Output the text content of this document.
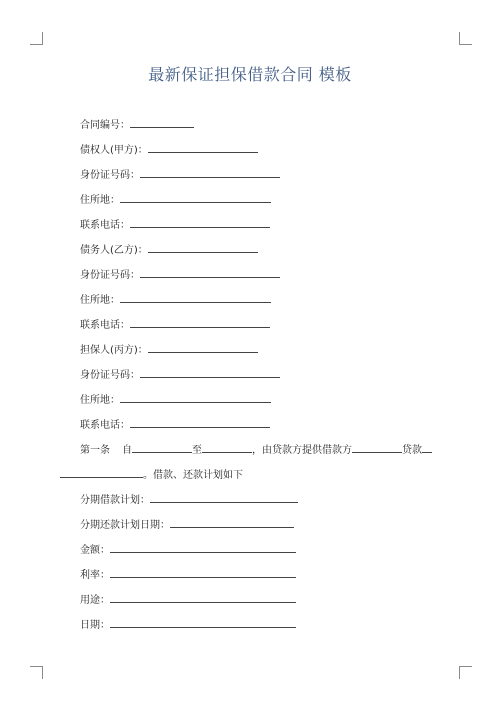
最新保证担保借款合同 模板
合同编号：
债权人(甲方)：
身份证号码：
住所地：
联系电话：
债务人(乙方)：
身份证号码：
住所地：
联系电话：
担保人(丙方)：
身份证号码：
住所地：
联系电话：
第一条 自	至	，由贷款方提供借款方	贷款
。借款、还款计划如下
分期借款计划：
分期还款计划日期：
金额：
利率：
用途：
日期：
